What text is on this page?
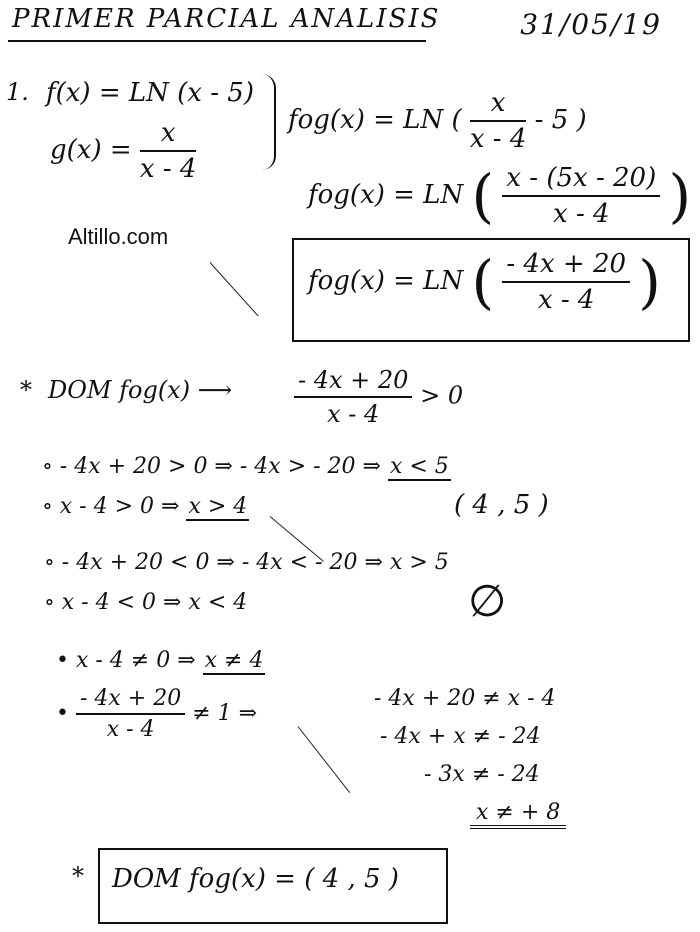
PRIMER PARCIAL ANALISIS	31/05/19
1. f(x) = LN (x - 5)
$g(x) = \frac{x}{x - 4}$	fog(x) = LN ( $\frac{x}{x - 4} - 5$ )
fog(x) = LN ( $\frac{x - (5x - 20)}{x - 4}$ )
Altillo.com
fog(x) = LN ( $\frac{- 4x + 20}{x - 4}$ )
* DOM fog(x) ⟶	$\frac{- 4x + 20}{x - 4} > 0$
∘ - 4x + 20 > 0 ⇒ - 4x > - 20 ⇒ x < 5
∘ x - 4 > 0 ⇒ x > 4	( 4 , 5 )
∘ - 4x + 20 < 0 ⇒ - 4x < - 20 ⇒ x > 5
∘ x - 4 < 0 ⇒ x < 4	∅
• x - 4 ≠ 0 ⇒ x ≠ 4
• $\frac{- 4x + 20}{x - 4} \ne 1$ ⇒
- 4x + 20 ≠ x - 4
- 4x + x ≠ - 24
- 3x ≠ - 24
x ≠ + 8
* DOM fog(x) = ( 4 , 5 )
